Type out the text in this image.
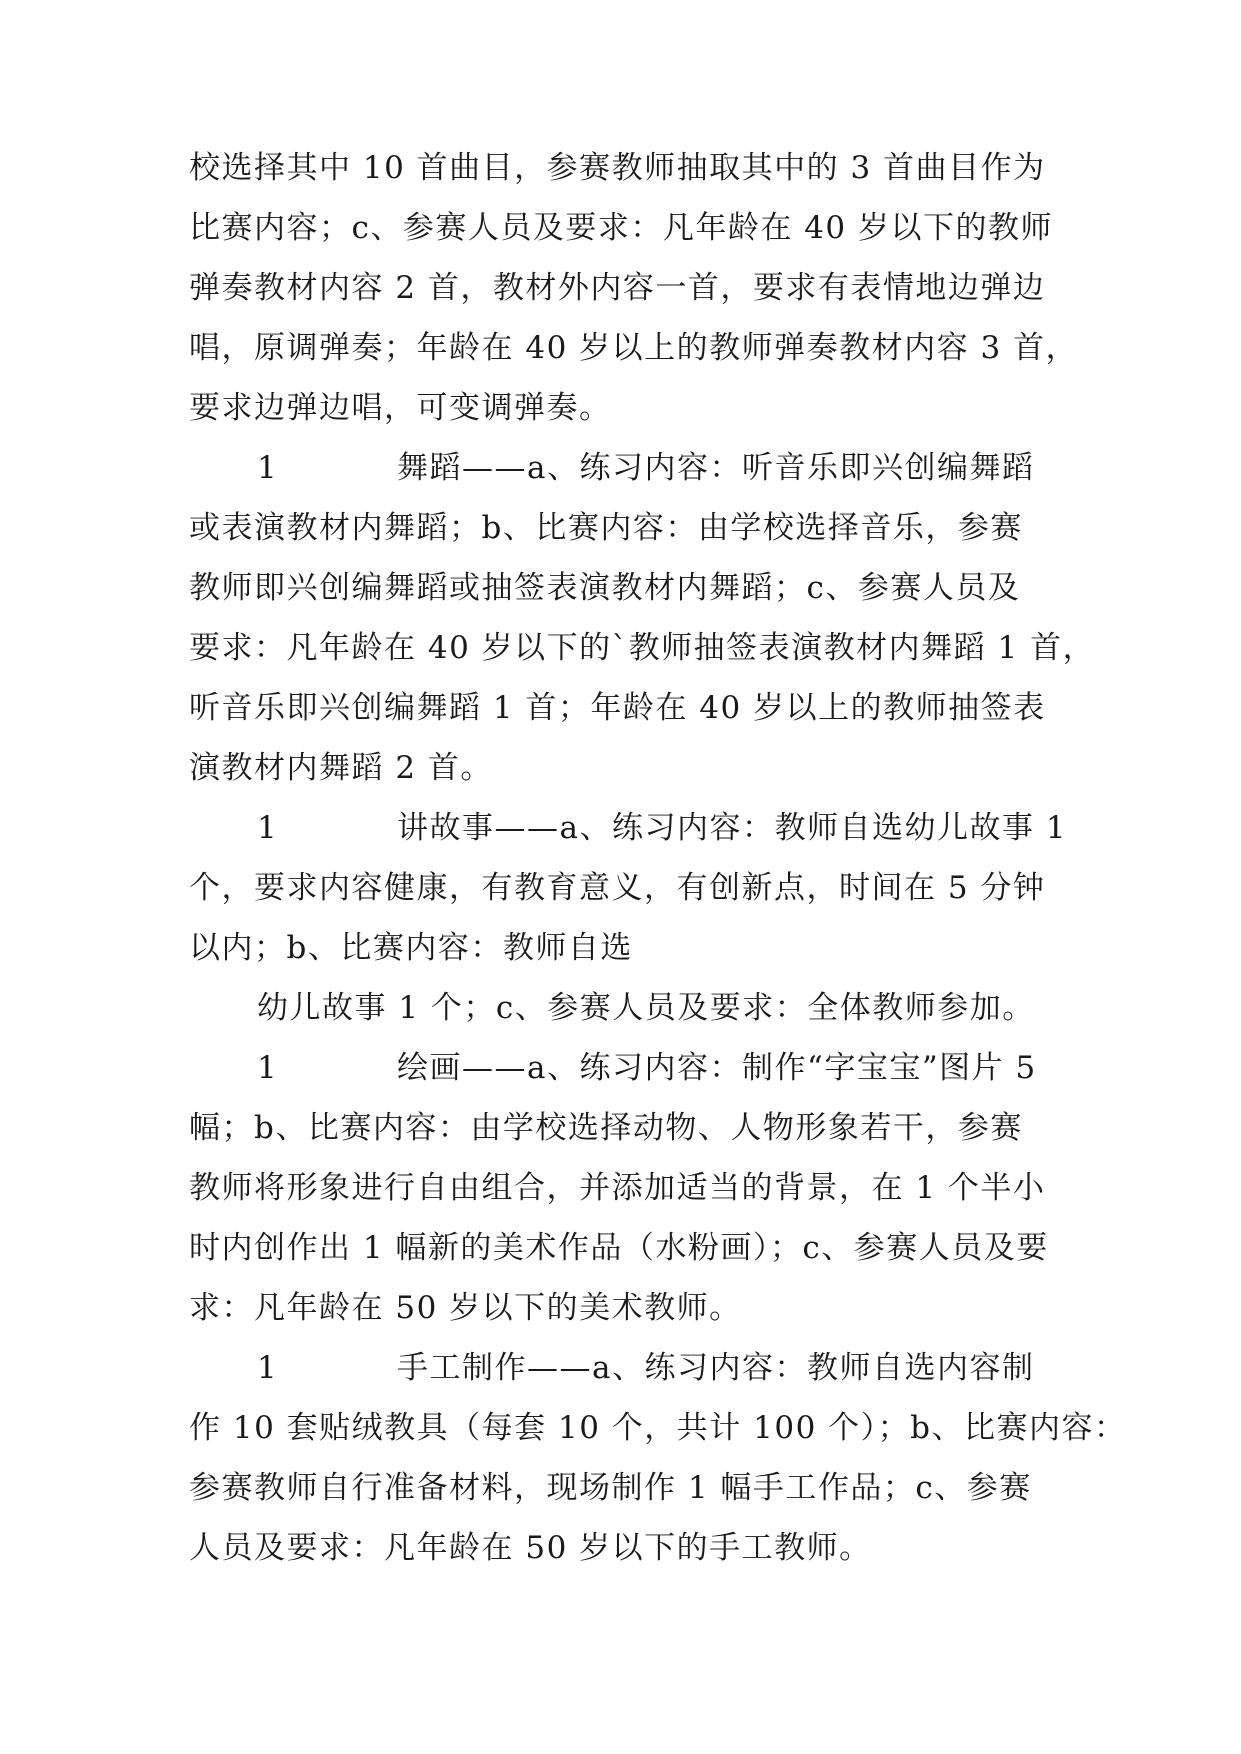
校选择其中 10 首曲目，参赛教师抽取其中的 3 首曲目作为
比赛内容；c、参赛人员及要求：凡年龄在 40 岁以下的教师
弹奏教材内容 2 首，教材外内容一首，要求有表情地边弹边
唱，原调弹奏；年龄在 40 岁以上的教师弹奏教材内容 3 首，
要求边弹边唱，可变调弹奏。
1	舞蹈——a、练习内容：听音乐即兴创编舞蹈
或表演教材内舞蹈；b、比赛内容：由学校选择音乐，参赛
教师即兴创编舞蹈或抽签表演教材内舞蹈；c、参赛人员及
要求：凡年龄在 40 岁以下的`教师抽签表演教材内舞蹈 1 首，
听音乐即兴创编舞蹈 1 首；年龄在 40 岁以上的教师抽签表
演教材内舞蹈 2 首。
1	讲故事——a、练习内容：教师自选幼儿故事 1
个，要求内容健康，有教育意义，有创新点，时间在 5 分钟
以内；b、比赛内容：教师自选
幼儿故事 1 个；c、参赛人员及要求：全体教师参加。
1	绘画——a、练习内容：制作“字宝宝”图片 5
幅；b、比赛内容：由学校选择动物、人物形象若干，参赛
教师将形象进行自由组合，并添加适当的背景，在 1 个半小
时内创作出 1 幅新的美术作品（水粉画）；c、参赛人员及要
求：凡年龄在 50 岁以下的美术教师。
1	手工制作——a、练习内容：教师自选内容制
作 10 套贴绒教具（每套 10 个，共计 100 个）；b、比赛内容：
参赛教师自行准备材料，现场制作 1 幅手工作品；c、参赛
人员及要求：凡年龄在 50 岁以下的手工教师。
